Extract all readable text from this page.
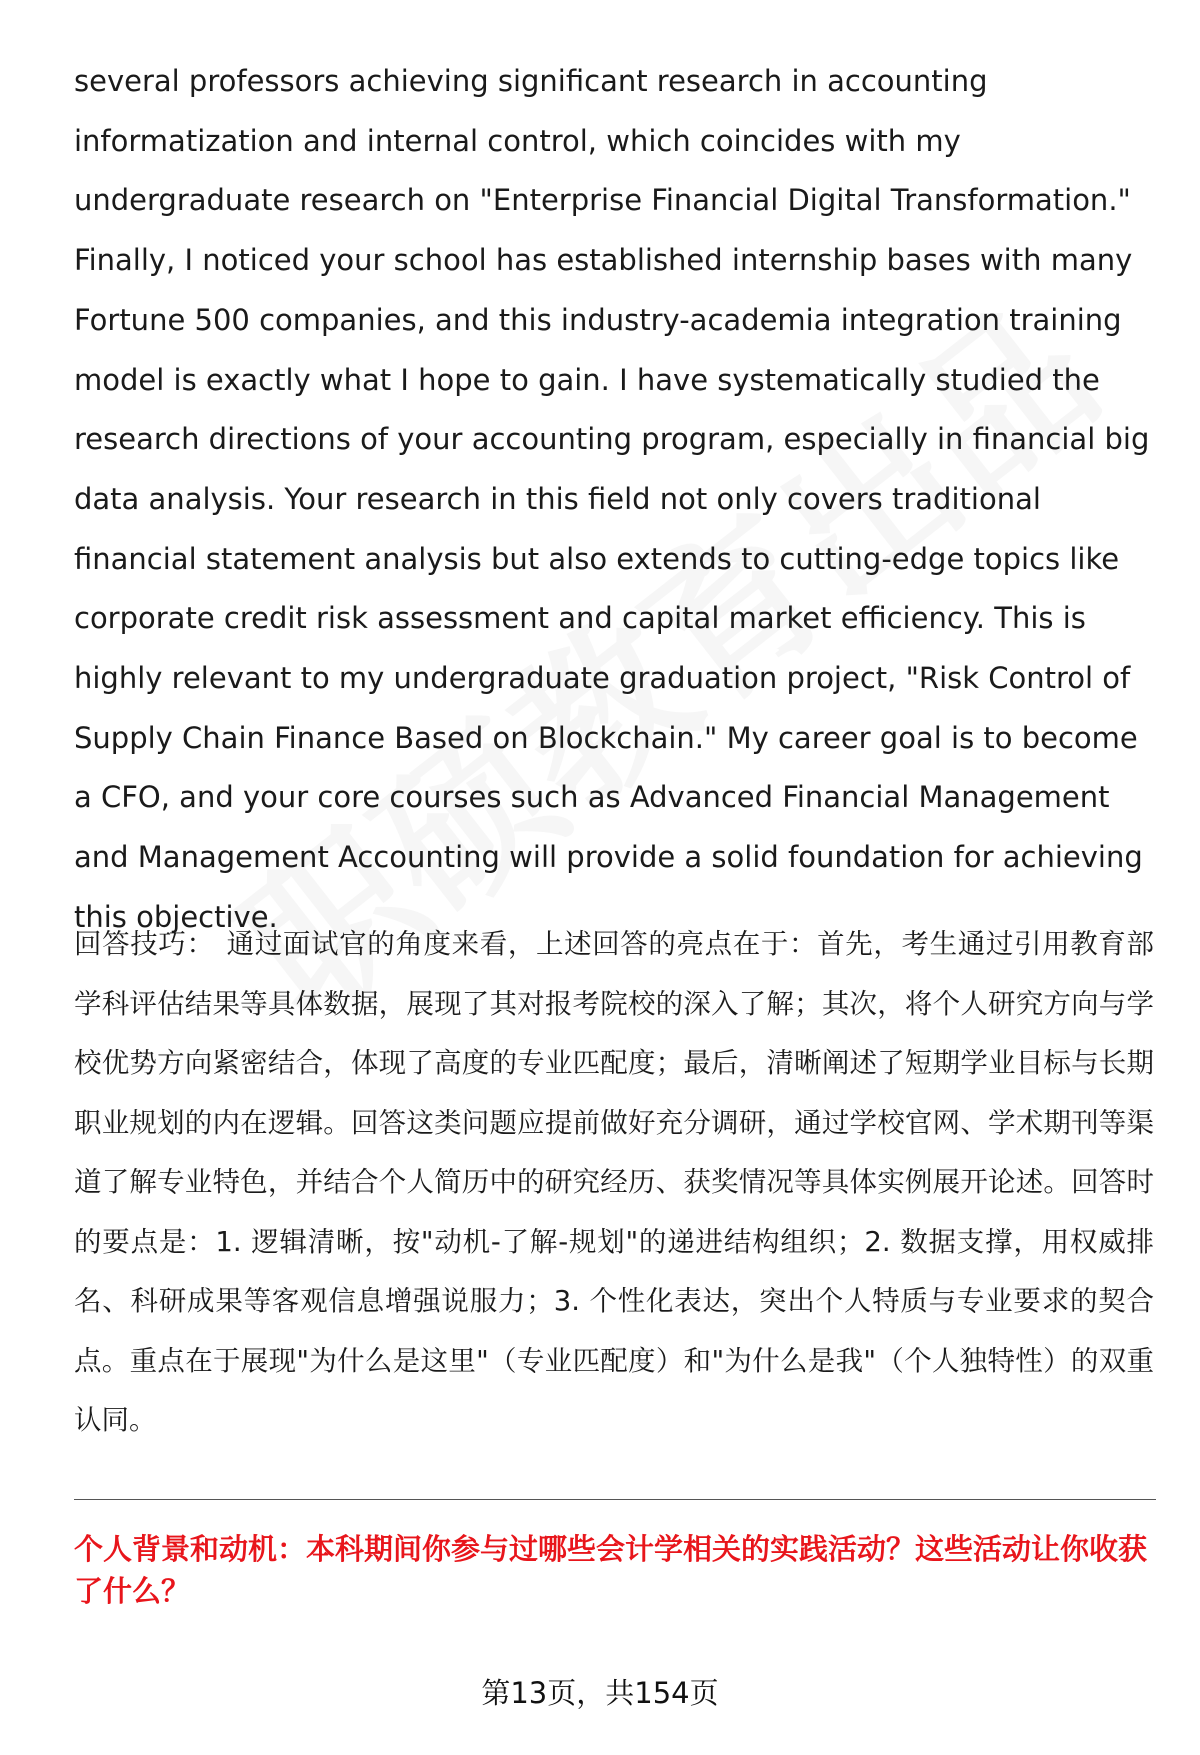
several professors achieving significant research in accounting informatization and internal control, which coincides with my undergraduate research on "Enterprise Financial Digital Transformation." Finally, I noticed your school has established internship bases with many Fortune 500 companies, and this industry-academia integration training model is exactly what I hope to gain. I have systematically studied the research directions of your accounting program, especially in financial big data analysis. Your research in this field not only covers traditional financial statement analysis but also extends to cutting-edge topics like corporate credit risk assessment and capital market efficiency. This is highly relevant to my undergraduate graduation project, "Risk Control of Supply Chain Finance Based on Blockchain." My career goal is to become a CFO, and your core courses such as Advanced Financial Management and Management Accounting will provide a solid foundation for achieving this objective.

回答技巧： 通过面试官的角度来看，上述回答的亮点在于：首先，考生通过引用教育部学科评估结果等具体数据，展现了其对报考院校的深入了解；其次，将个人研究方向与学校优势方向紧密结合，体现了高度的专业匹配度；最后，清晰阐述了短期学业目标与长期职业规划的内在逻辑。回答这类问题应提前做好充分调研，通过学校官网、学术期刊等渠道了解专业特色，并结合个人简历中的研究经历、获奖情况等具体实例展开论述。回答时的要点是：1. 逻辑清晰，按"动机-了解-规划"的递进结构组织；2. 数据支撑，用权威排名、科研成果等客观信息增强说服力；3. 个性化表达，突出个人特质与专业要求的契合点。重点在于展现"为什么是这里"（专业匹配度）和"为什么是我"（个人独特性）的双重认同。

个人背景和动机：本科期间你参与过哪些会计学相关的实践活动？这些活动让你收获了什么？

第13页，共154页
